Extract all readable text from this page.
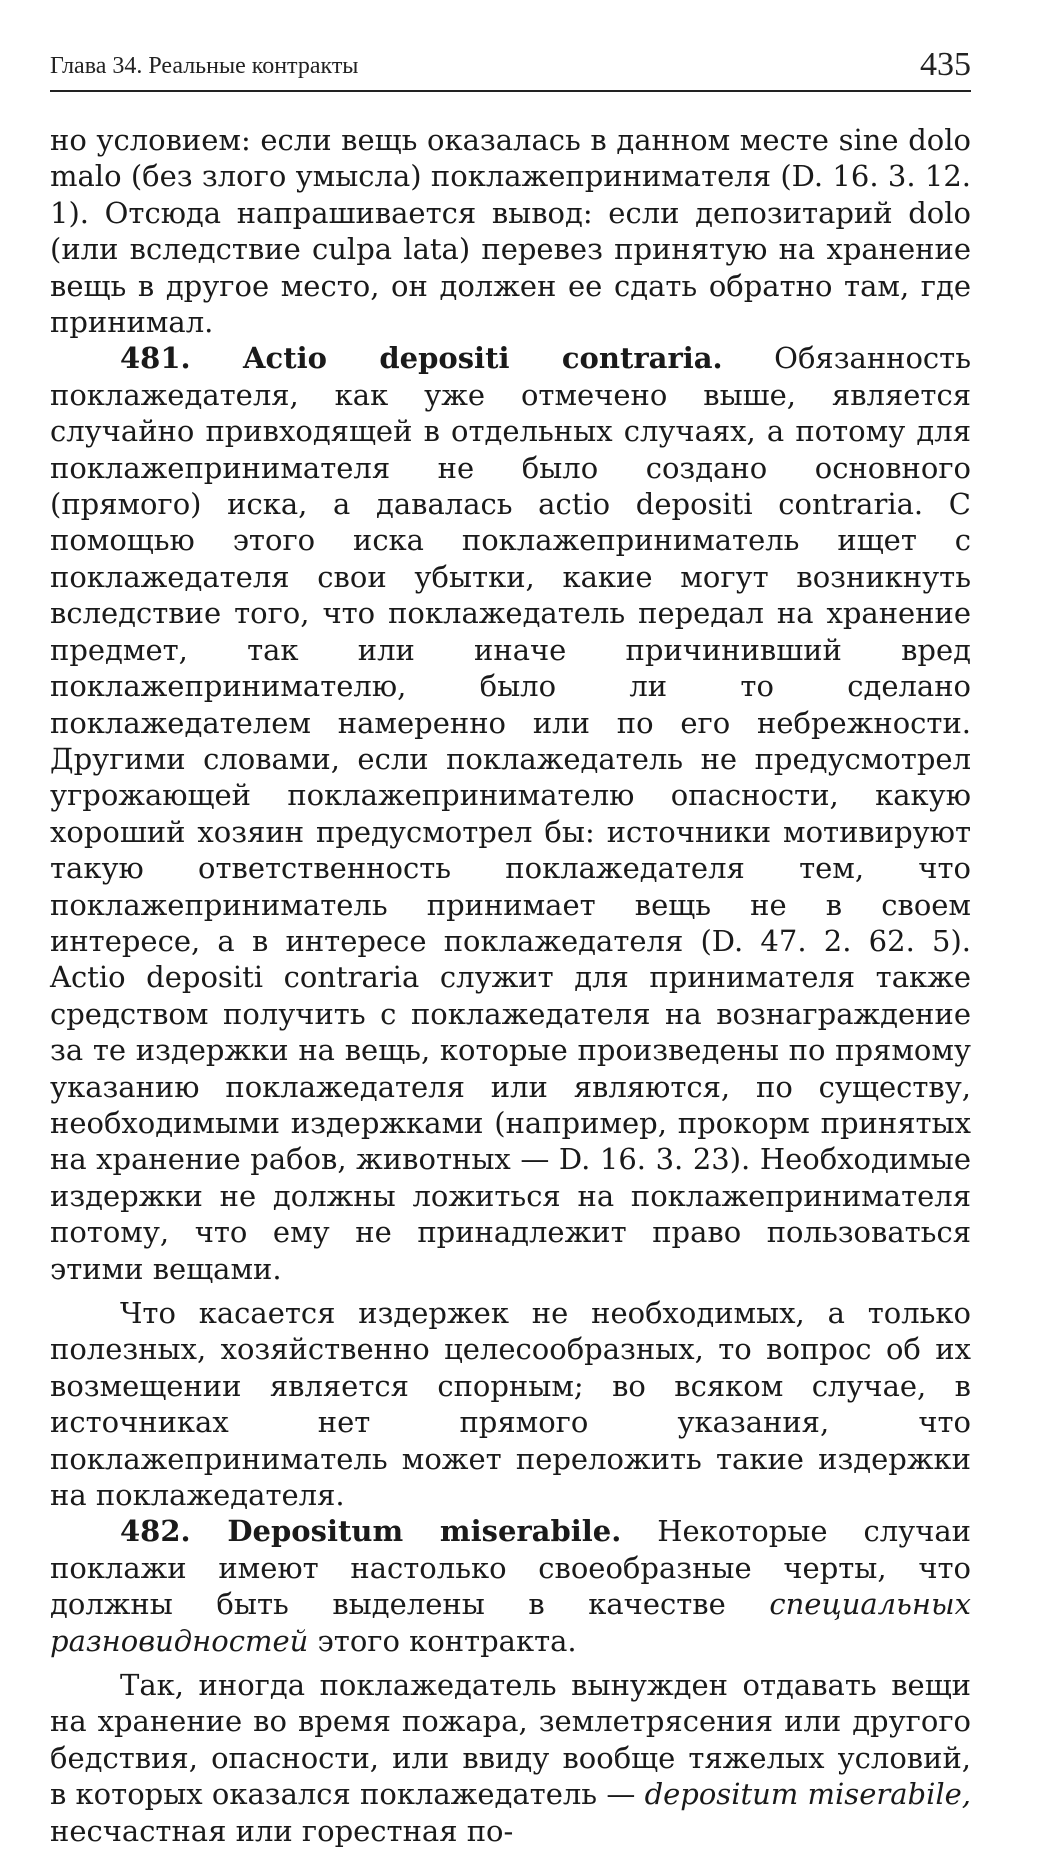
Глава 34. Реальные контракты	435

но условием: если вещь оказалась в данном месте sine dolo malo (без злого умысла) поклажепринимателя (D. 16. 3. 12. 1). Отсюда напрашивается вывод: если депозитарий dolo (или вследствие culpa lata) перевез принятую на хранение вещь в другое место, он должен ее сдать обратно там, где принимал.

481. Actio depositi contraria. Обязанность поклажедателя, как уже отмечено выше, является случайно привходящей в отдельных случаях, а потому для поклажепринимателя не было создано основного (прямого) иска, а давалась actio depositi contraria. С помощью этого иска поклажеприниматель ищет с поклажедателя свои убытки, какие могут возникнуть вследствие того, что поклажедатель передал на хранение предмет, так или иначе причинивший вред поклажепринимателю, было ли то сделано поклажедателем намеренно или по его небрежности. Другими словами, если поклажедатель не предусмотрел угрожающей поклажепринимателю опасности, какую хороший хозяин предусмотрел бы: источники мотивируют такую ответственность поклажедателя тем, что поклажеприниматель принимает вещь не в своем интересе, а в интересе поклажедателя (D. 47. 2. 62. 5). Actio depositi contraria служит для принимателя также средством получить с поклажедателя на вознаграждение за те издержки на вещь, которые произведены по прямому указанию поклажедателя или являются, по существу, необходимыми издержками (например, прокорм принятых на хранение рабов, животных — D. 16. 3. 23). Необходимые издержки не должны ложиться на поклажепринимателя потому, что ему не принадлежит право пользоваться этими вещами.

Что касается издержек не необходимых, а только полезных, хозяйственно целесообразных, то вопрос об их возмещении является спорным; во всяком случае, в источниках нет прямого указания, что поклажеприниматель может переложить такие издержки на поклажедателя.

482. Depositum miserabile. Некоторые случаи поклажи имеют настолько своеобразные черты, что должны быть выделены в качестве специальных разновидностей этого контракта.

Так, иногда поклажедатель вынужден отдавать вещи на хранение во время пожара, землетрясения или другого бедствия, опасности, или ввиду вообще тяжелых условий, в которых оказался поклажедатель — depositum miserabile, несчастная или горестная по-
